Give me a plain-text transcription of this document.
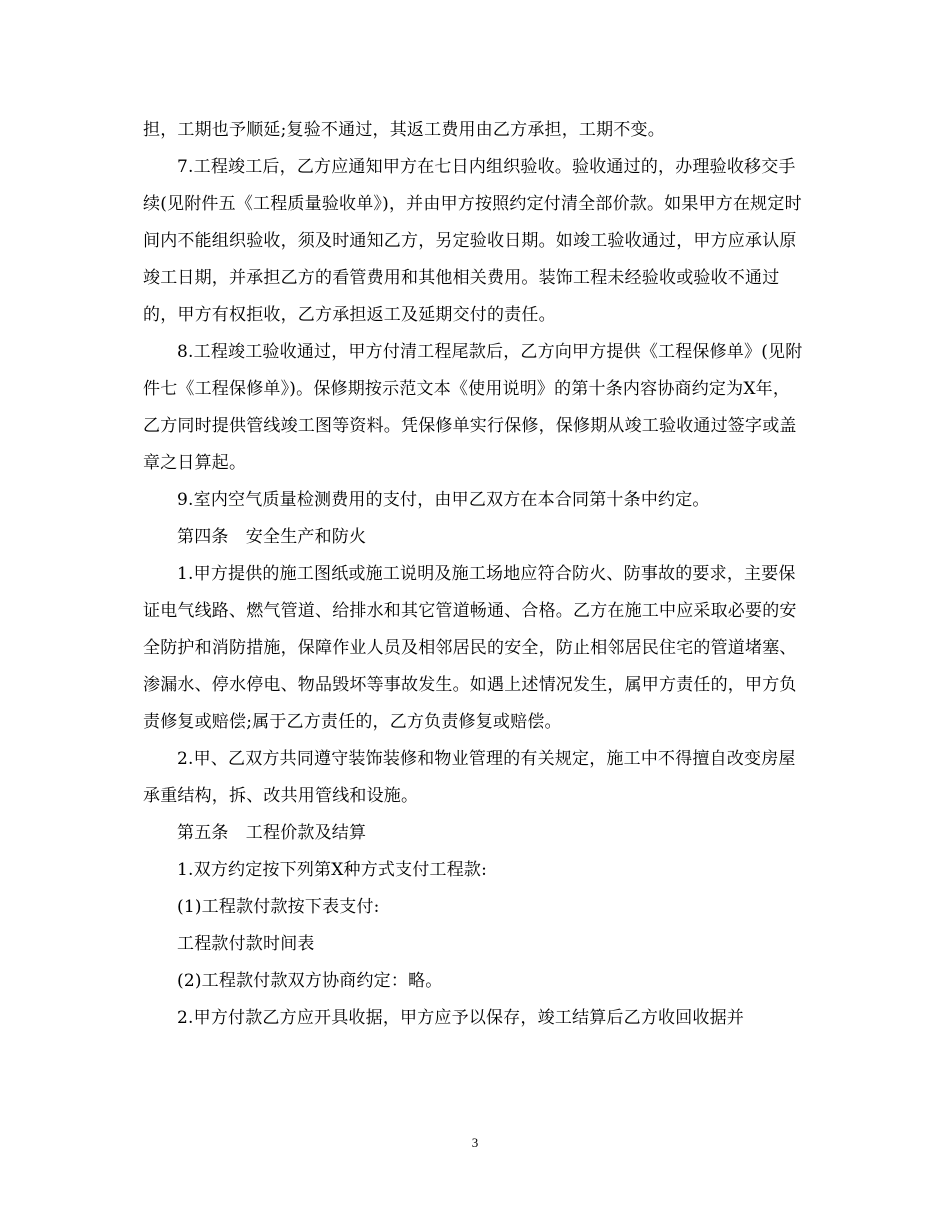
担，工期也予顺延;复验不通过，其返工费用由乙方承担，工期不变。

7.工程竣工后，乙方应通知甲方在七日内组织验收。验收通过的，办理验收移交手续(见附件五《工程质量验收单》)，并由甲方按照约定付清全部价款。如果甲方在规定时间内不能组织验收，须及时通知乙方，另定验收日期。如竣工验收通过，甲方应承认原竣工日期，并承担乙方的看管费用和其他相关费用。装饰工程未经验收或验收不通过的，甲方有权拒收，乙方承担返工及延期交付的责任。

8.工程竣工验收通过，甲方付清工程尾款后，乙方向甲方提供《工程保修单》(见附件七《工程保修单》)。保修期按示范文本《使用说明》的第十条内容协商约定为X年，乙方同时提供管线竣工图等资料。凭保修单实行保修，保修期从竣工验收通过签字或盖章之日算起。

9.室内空气质量检测费用的支付，由甲乙双方在本合同第十条中约定。

第四条　安全生产和防火

1.甲方提供的施工图纸或施工说明及施工场地应符合防火、防事故的要求，主要保证电气线路、燃气管道、给排水和其它管道畅通、合格。乙方在施工中应采取必要的安全防护和消防措施，保障作业人员及相邻居民的安全，防止相邻居民住宅的管道堵塞、渗漏水、停水停电、物品毁坏等事故发生。如遇上述情况发生，属甲方责任的，甲方负责修复或赔偿;属于乙方责任的，乙方负责修复或赔偿。

2.甲、乙双方共同遵守装饰装修和物业管理的有关规定，施工中不得擅自改变房屋承重结构，拆、改共用管线和设施。

第五条　工程价款及结算

1.双方约定按下列第X种方式支付工程款:

(1)工程款付款按下表支付:

工程款付款时间表

(2)工程款付款双方协商约定：略。

2.甲方付款乙方应开具收据，甲方应予以保存，竣工结算后乙方收回收据并

3
